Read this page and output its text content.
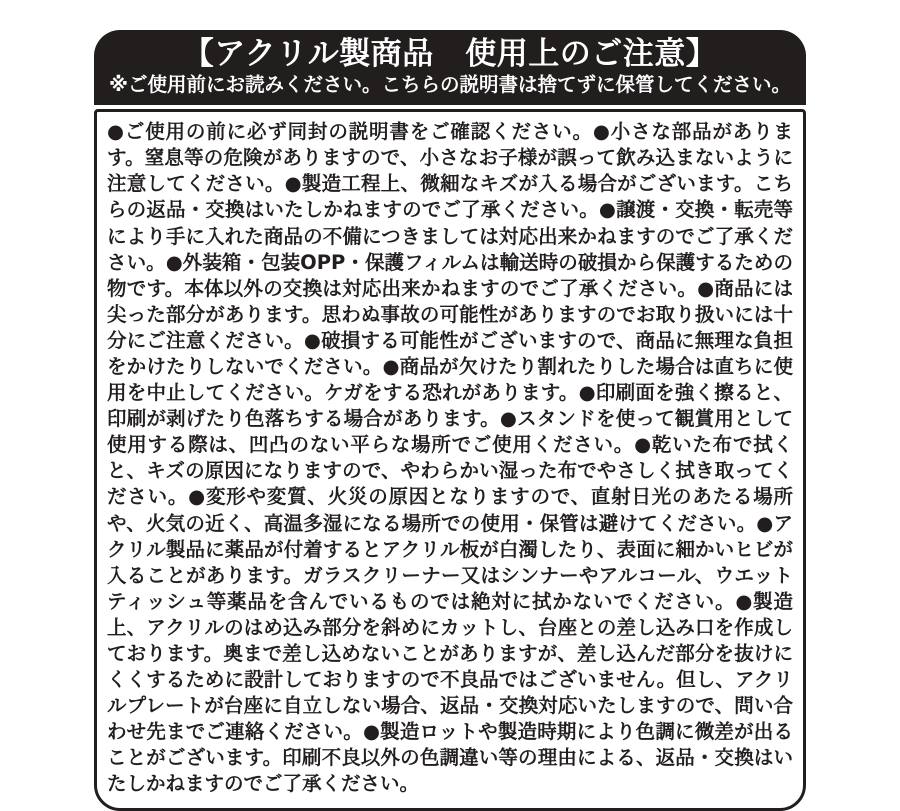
【アクリル製商品　使用上のご注意】
※ご使用前にお読みください。こちらの説明書は捨てずに保管してください。

●ご使用の前に必ず同封の説明書をご確認ください。●小さな部品があります。窒息等の危険がありますので、小さなお子様が誤って飲み込まないように注意してください。●製造工程上、微細なキズが入る場合がございます。こちらの返品・交換はいたしかねますのでご了承ください。●譲渡・交換・転売等により手に入れた商品の不備につきましては対応出来かねますのでご了承ください。●外装箱・包装OPP・保護フィルムは輸送時の破損から保護するための物です。本体以外の交換は対応出来かねますのでご了承ください。●商品には尖った部分があります。思わぬ事故の可能性がありますのでお取り扱いには十分にご注意ください。●破損する可能性がございますので、商品に無理な負担をかけたりしないでください。●商品が欠けたり割れたりした場合は直ちに使用を中止してください。ケガをする恐れがあります。●印刷面を強く擦ると、印刷が剥げたり色落ちする場合があります。●スタンドを使って観賞用として使用する際は、凹凸のない平らな場所でご使用ください。●乾いた布で拭くと、キズの原因になりますので、やわらかい湿った布でやさしく拭き取ってください。●変形や変質、火災の原因となりますので、直射日光のあたる場所や、火気の近く、高温多湿になる場所での使用・保管は避けてください。●アクリル製品に薬品が付着するとアクリル板が白濁したり、表面に細かいヒビが入ることがあります。ガラスクリーナー又はシンナーやアルコール、ウエットティッシュ等薬品を含んでいるものでは絶対に拭かないでください。●製造上、アクリルのはめ込み部分を斜めにカットし、台座との差し込み口を作成しております。奥まで差し込めないことがありますが、差し込んだ部分を抜けにくくするために設計しておりますので不良品ではございません。但し、アクリルプレートが台座に自立しない場合、返品・交換対応いたしますので、問い合わせ先までご連絡ください。●製造ロットや製造時期により色調に微差が出ることがございます。印刷不良以外の色調違い等の理由による、返品・交換はいたしかねますのでご了承ください。
